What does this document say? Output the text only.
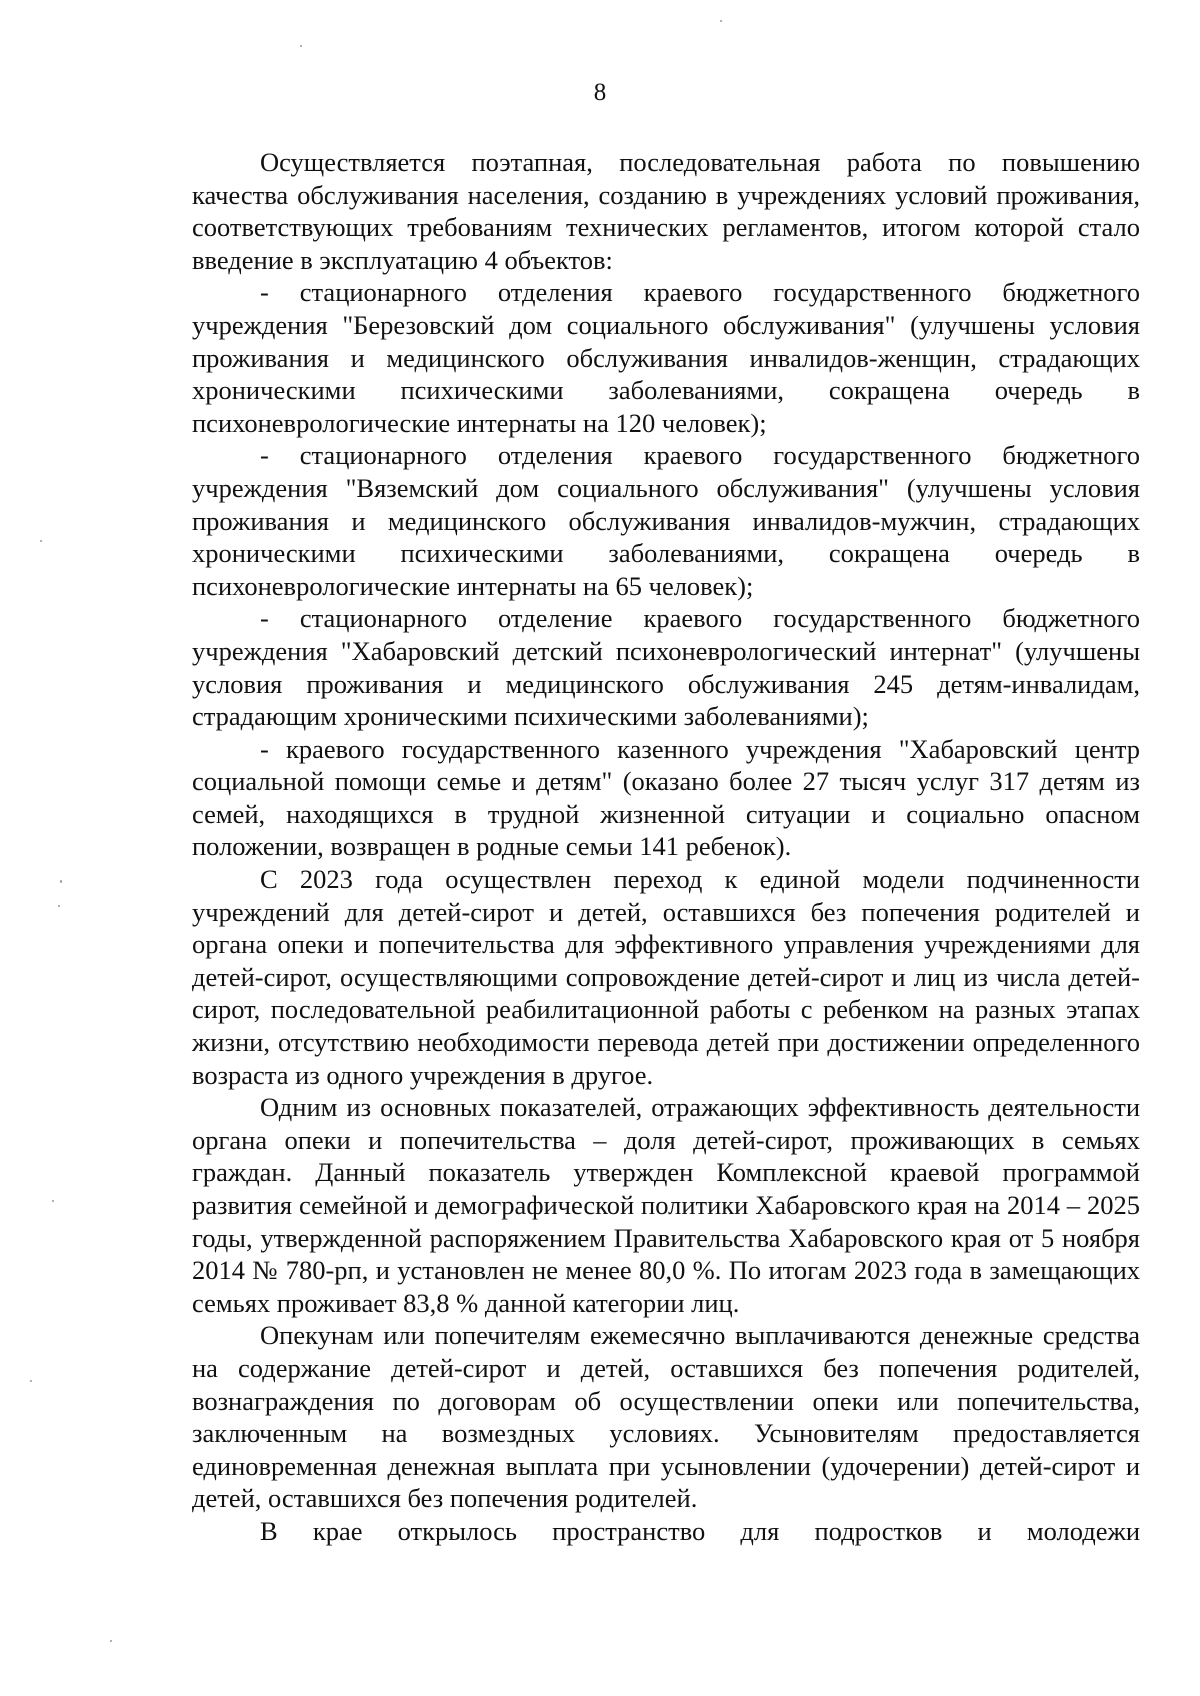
8

Осуществляется поэтапная, последовательная работа по повышению качества обслуживания населения, созданию в учреждениях условий проживания, соответствующих требованиям технических регламентов, итогом которой стало введение в эксплуатацию 4 объектов:

- стационарного отделения краевого государственного бюджетного учреждения "Березовский дом социального обслуживания" (улучшены условия проживания и медицинского обслуживания инвалидов-женщин, страдающих хроническими психическими заболеваниями, сокращена очередь в психоневрологические интернаты на 120 человек);

- стационарного отделения краевого государственного бюджетного учреждения "Вяземский дом социального обслуживания" (улучшены условия проживания и медицинского обслуживания инвалидов-мужчин, страдающих хроническими психическими заболеваниями, сокращена очередь в психоневрологические интернаты на 65 человек);

- стационарного отделение краевого государственного бюджетного учреждения "Хабаровский детский психоневрологический интернат" (улучшены условия проживания и медицинского обслуживания 245 детям-инвалидам, страдающим хроническими психическими заболеваниями);

- краевого государственного казенного учреждения "Хабаровский центр социальной помощи семье и детям" (оказано более 27 тысяч услуг 317 детям из семей, находящихся в трудной жизненной ситуации и социально опасном положении, возвращен в родные семьи 141 ребенок).

С 2023 года осуществлен переход к единой модели подчиненности учреждений для детей-сирот и детей, оставшихся без попечения родителей и органа опеки и попечительства для эффективного управления учреждениями для детей-сирот, осуществляющими сопровождение детей-сирот и лиц из числа детей-сирот, последовательной реабилитационной работы с ребенком на разных этапах жизни, отсутствию необходимости перевода детей при достижении определенного возраста из одного учреждения в другое.

Одним из основных показателей, отражающих эффективность деятельности органа опеки и попечительства – доля детей-сирот, проживающих в семьях граждан. Данный показатель утвержден Комплексной краевой программой развития семейной и демографической политики Хабаровского края на 2014 – 2025 годы, утвержденной распоряжением Правительства Хабаровского края от 5 ноября 2014 № 780-рп, и установлен не менее 80,0 %. По итогам 2023 года в замещающих семьях проживает 83,8 % данной категории лиц.

Опекунам или попечителям ежемесячно выплачиваются денежные средства на содержание детей-сирот и детей, оставшихся без попечения родителей, вознаграждения по договорам об осуществлении опеки или попечительства, заключенным на возмездных условиях. Усыновителям предоставляется единовременная денежная выплата при усыновлении (удочерении) детей-сирот и детей, оставшихся без попечения родителей.

В крае открылось пространство для подростков и молодежи
